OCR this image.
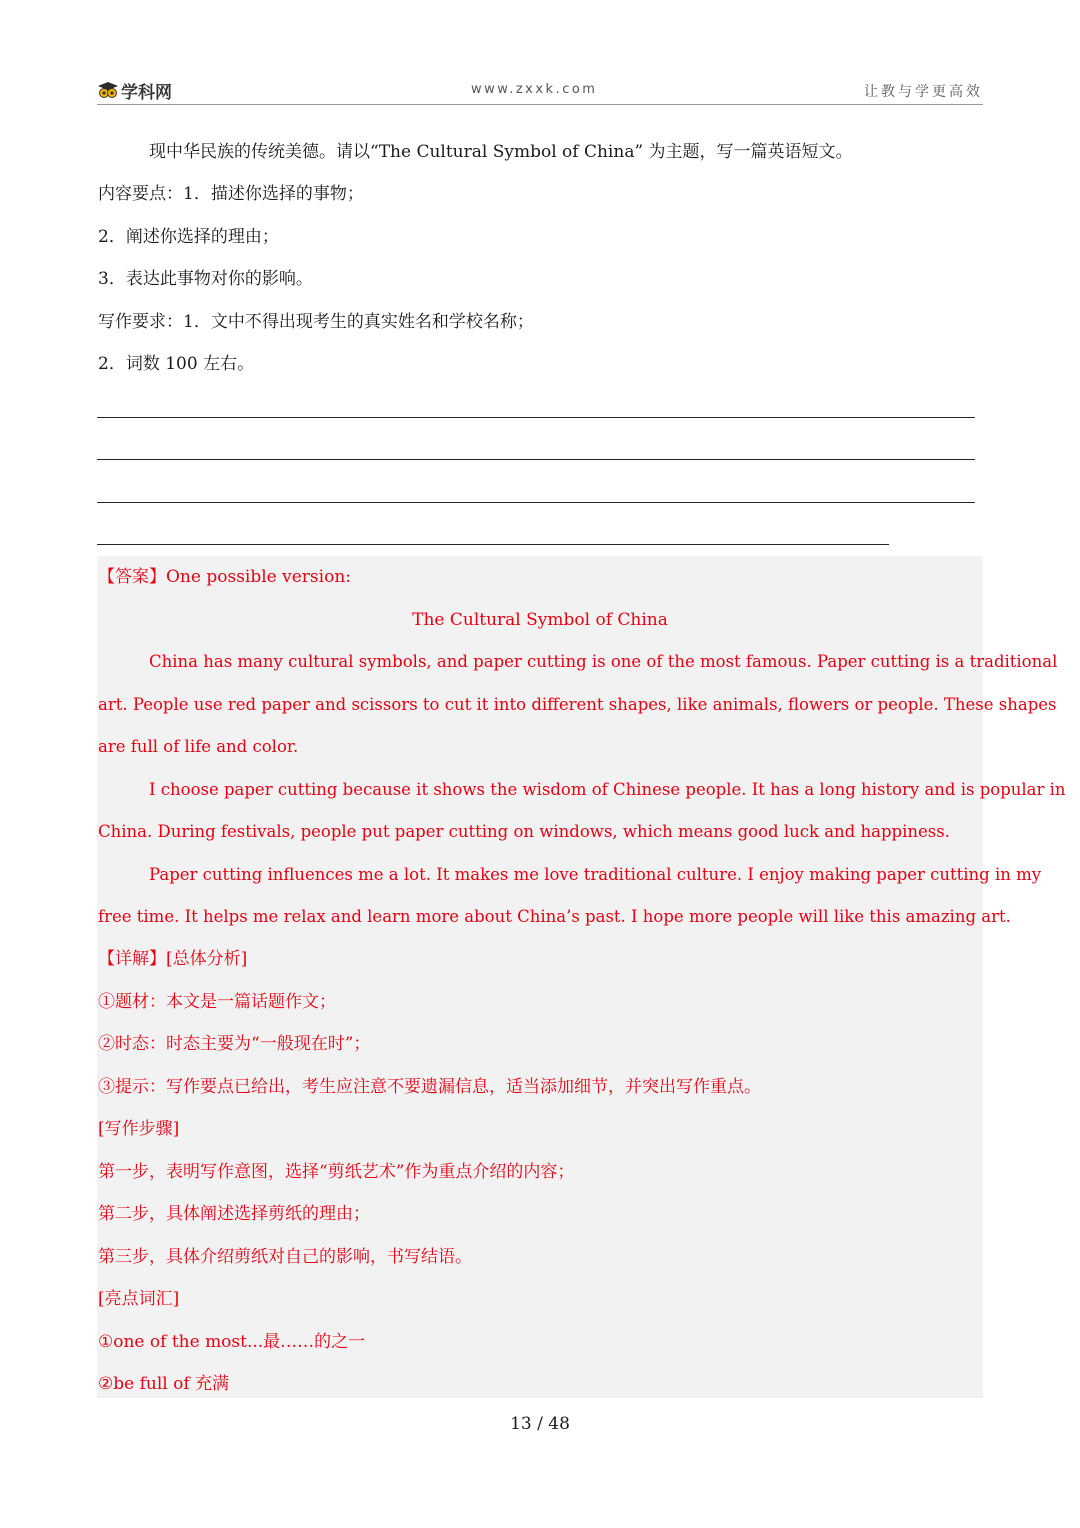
学科网	www.zxxk.com	让教与学更高效
现中华民族的传统美德。请以“The Cultural Symbol of China” 为主题，写一篇英语短文。
内容要点：1．描述你选择的事物；
2．阐述你选择的理由；
3．表达此事物对你的影响。
写作要求：1．文中不得出现考生的真实姓名和学校名称；
2．词数 100 左右。
【答案】One possible version:
The Cultural Symbol of China
China has many cultural symbols, and paper cutting is one of the most famous. Paper cutting is a traditional
art. People use red paper and scissors to cut it into different shapes, like animals, flowers or people. These shapes
are full of life and color.
I choose paper cutting because it shows the wisdom of Chinese people. It has a long history and is popular in
China. During festivals, people put paper cutting on windows, which means good luck and happiness.
Paper cutting influences me a lot. It makes me love traditional culture. I enjoy making paper cutting in my
free time. It helps me relax and learn more about China’s past. I hope more people will like this amazing art.
【详解】[总体分析]
①题材：本文是一篇话题作文；
②时态：时态主要为“一般现在时”；
③提示：写作要点已给出，考生应注意不要遗漏信息，适当添加细节，并突出写作重点。
[写作步骤]
第一步，表明写作意图，选择“剪纸艺术”作为重点介绍的内容；
第二步，具体阐述选择剪纸的理由；
第三步，具体介绍剪纸对自己的影响，书写结语。
[亮点词汇]
①one of the most...最……的之一
②be full of 充满
13 / 48
